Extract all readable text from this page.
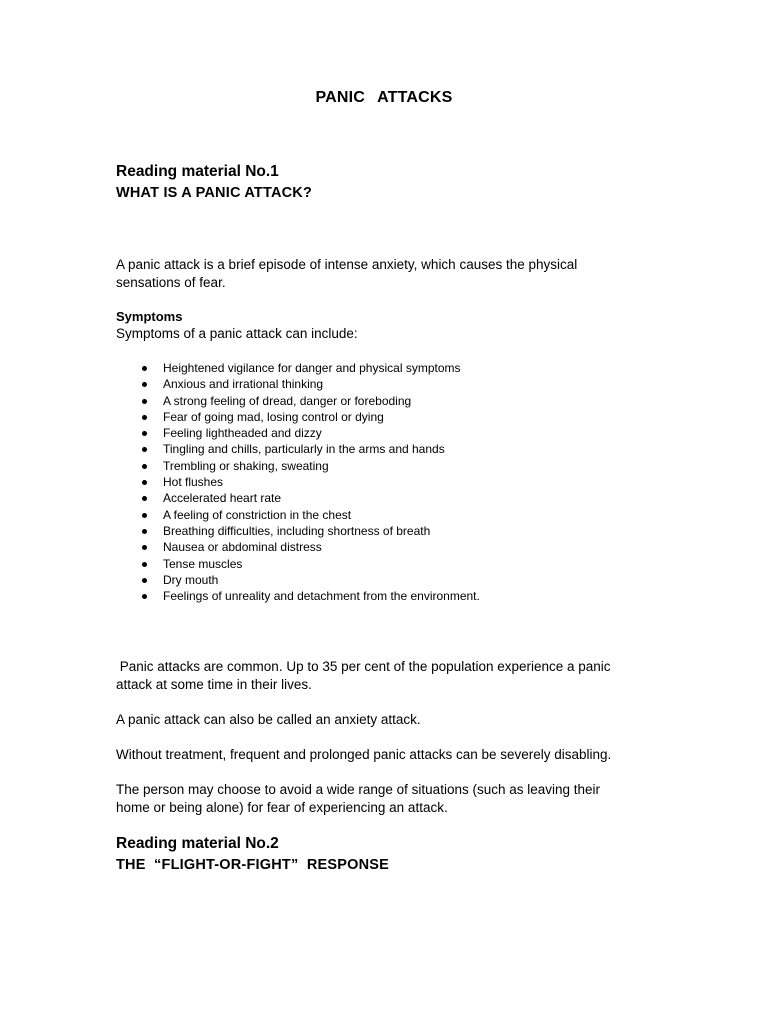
PANIC ATTACKS
Reading material No.1
WHAT IS A PANIC ATTACK?
A panic attack is a brief episode of intense anxiety, which causes the physical
sensations of fear.
Symptoms
Symptoms of a panic attack can include:
Heightened vigilance for danger and physical symptoms
Anxious and irrational thinking
A strong feeling of dread, danger or foreboding
Fear of going mad, losing control or dying
Feeling lightheaded and dizzy
Tingling and chills, particularly in the arms and hands
Trembling or shaking, sweating
Hot flushes
Accelerated heart rate
A feeling of constriction in the chest
Breathing difficulties, including shortness of breath
Nausea or abdominal distress
Tense muscles
Dry mouth
Feelings of unreality and detachment from the environment.
Panic attacks are common. Up to 35 per cent of the population experience a panic
attack at some time in their lives.
A panic attack can also be called an anxiety attack.
Without treatment, frequent and prolonged panic attacks can be severely disabling.
The person may choose to avoid a wide range of situations (such as leaving their
home or being alone) for fear of experiencing an attack.
Reading material No.2
THE  “FLIGHT-OR-FIGHT”  RESPONSE
